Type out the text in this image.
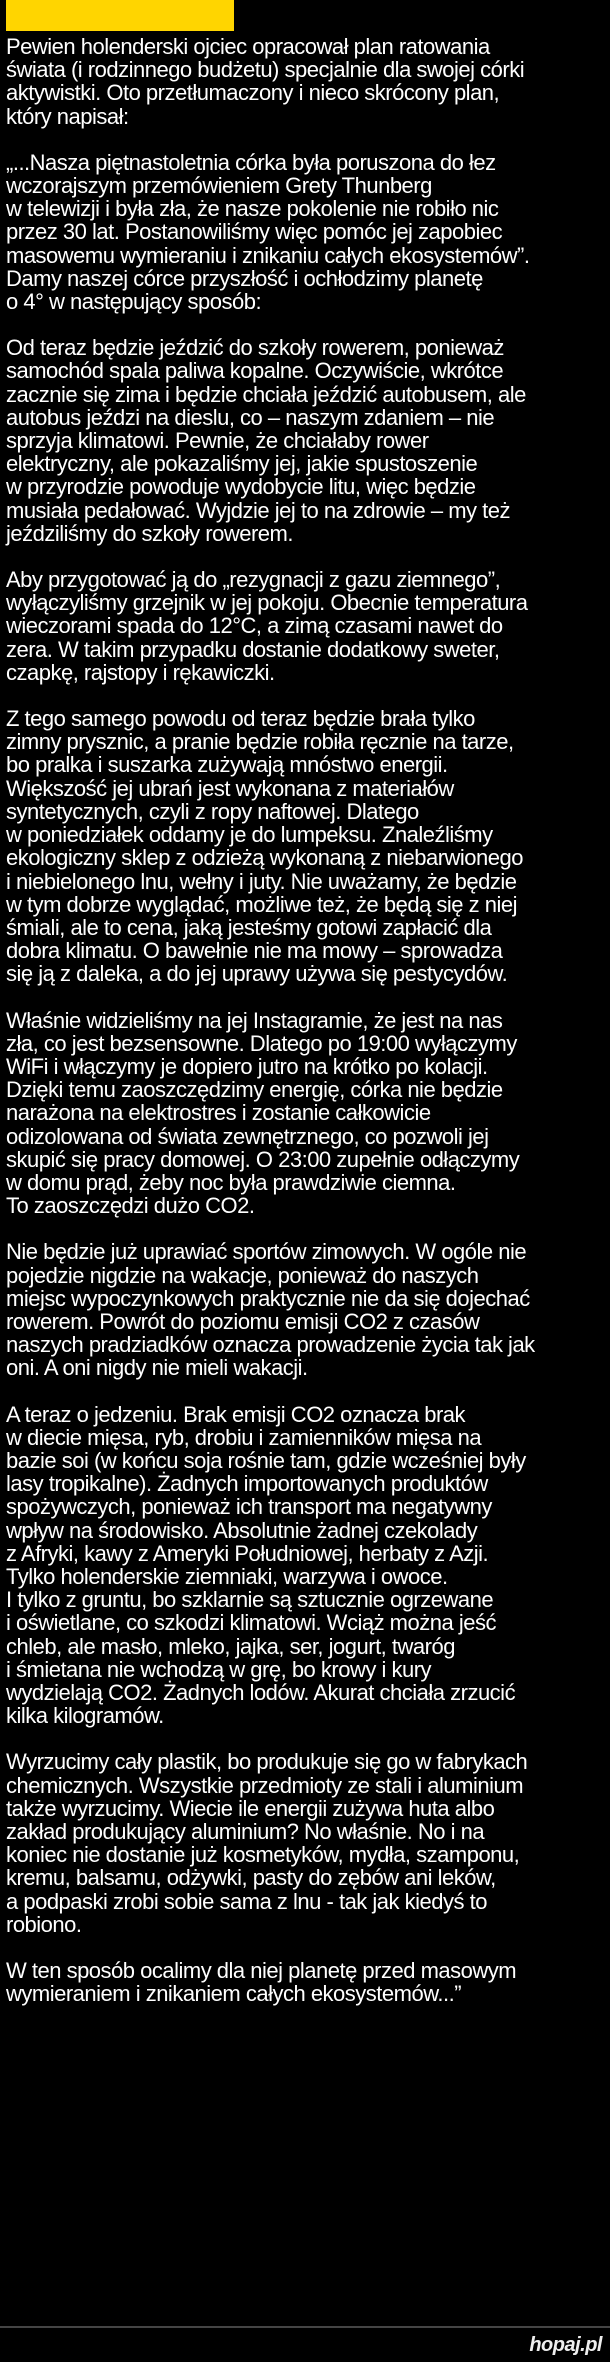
Pewien holenderski ojciec opracował plan ratowania
świata (i rodzinnego budżetu) specjalnie dla swojej córki
aktywistki. Oto przetłumaczony i nieco skrócony plan,
który napisał:

„...Nasza piętnastoletnia córka była poruszona do łez
wczorajszym przemówieniem Grety Thunberg
w telewizji i była zła, że nasze pokolenie nie robiło nic
przez 30 lat. Postanowiliśmy więc pomóc jej zapobiec
masowemu wymieraniu i znikaniu całych ekosystemów”.
Damy naszej córce przyszłość i ochłodzimy planetę
o 4° w następujący sposób:

Od teraz będzie jeździć do szkoły rowerem, ponieważ
samochód spala paliwa kopalne. Oczywiście, wkrótce
zacznie się zima i będzie chciała jeździć autobusem, ale
autobus jeździ na dieslu, co – naszym zdaniem – nie
sprzyja klimatowi. Pewnie, że chciałaby rower
elektryczny, ale pokazaliśmy jej, jakie spustoszenie
w przyrodzie powoduje wydobycie litu, więc będzie
musiała pedałować. Wyjdzie jej to na zdrowie – my też
jeździliśmy do szkoły rowerem.

Aby przygotować ją do „rezygnacji z gazu ziemnego”,
wyłączyliśmy grzejnik w jej pokoju. Obecnie temperatura
wieczorami spada do 12°C, a zimą czasami nawet do
zera. W takim przypadku dostanie dodatkowy sweter,
czapkę, rajstopy i rękawiczki.

Z tego samego powodu od teraz będzie brała tylko
zimny prysznic, a pranie będzie robiła ręcznie na tarze,
bo pralka i suszarka zużywają mnóstwo energii.
Większość jej ubrań jest wykonana z materiałów
syntetycznych, czyli z ropy naftowej. Dlatego
w poniedziałek oddamy je do lumpeksu. Znaleźliśmy
ekologiczny sklep z odzieżą wykonaną z niebarwionego
i niebielonego lnu, wełny i juty. Nie uważamy, że będzie
w tym dobrze wyglądać, możliwe też, że będą się z niej
śmiali, ale to cena, jaką jesteśmy gotowi zapłacić dla
dobra klimatu. O bawełnie nie ma mowy – sprowadza
się ją z daleka, a do jej uprawy używa się pestycydów.

Właśnie widzieliśmy na jej Instagramie, że jest na nas
zła, co jest bezsensowne. Dlatego po 19:00 wyłączymy
WiFi i włączymy je dopiero jutro na krótko po kolacji.
Dzięki temu zaoszczędzimy energię, córka nie będzie
narażona na elektrostres i zostanie całkowicie
odizolowana od świata zewnętrznego, co pozwoli jej
skupić się pracy domowej. O 23:00 zupełnie odłączymy
w domu prąd, żeby noc była prawdziwie ciemna.
To zaoszczędzi dużo CO2.

Nie będzie już uprawiać sportów zimowych. W ogóle nie
pojedzie nigdzie na wakacje, ponieważ do naszych
miejsc wypoczynkowych praktycznie nie da się dojechać
rowerem. Powrót do poziomu emisji CO2 z czasów
naszych pradziadków oznacza prowadzenie życia tak jak
oni. A oni nigdy nie mieli wakacji.

A teraz o jedzeniu. Brak emisji CO2 oznacza brak
w diecie mięsa, ryb, drobiu i zamienników mięsa na
bazie soi (w końcu soja rośnie tam, gdzie wcześniej były
lasy tropikalne). Żadnych importowanych produktów
spożywczych, ponieważ ich transport ma negatywny
wpływ na środowisko. Absolutnie żadnej czekolady
z Afryki, kawy z Ameryki Południowej, herbaty z Azji.
Tylko holenderskie ziemniaki, warzywa i owoce.
I tylko z gruntu, bo szklarnie są sztucznie ogrzewane
i oświetlane, co szkodzi klimatowi. Wciąż można jeść
chleb, ale masło, mleko, jajka, ser, jogurt, twaróg
i śmietana nie wchodzą w grę, bo krowy i kury
wydzielają CO2. Żadnych lodów. Akurat chciała zrzucić
kilka kilogramów.

Wyrzucimy cały plastik, bo produkuje się go w fabrykach
chemicznych. Wszystkie przedmioty ze stali i aluminium
także wyrzucimy. Wiecie ile energii zużywa huta albo
zakład produkujący aluminium? No właśnie. No i na
koniec nie dostanie już kosmetyków, mydła, szamponu,
kremu, balsamu, odżywki, pasty do zębów ani leków,
a podpaski zrobi sobie sama z lnu - tak jak kiedyś to
robiono.

W ten sposób ocalimy dla niej planetę przed masowym
wymieraniem i znikaniem całych ekosystemów...”

hopaj.pl
